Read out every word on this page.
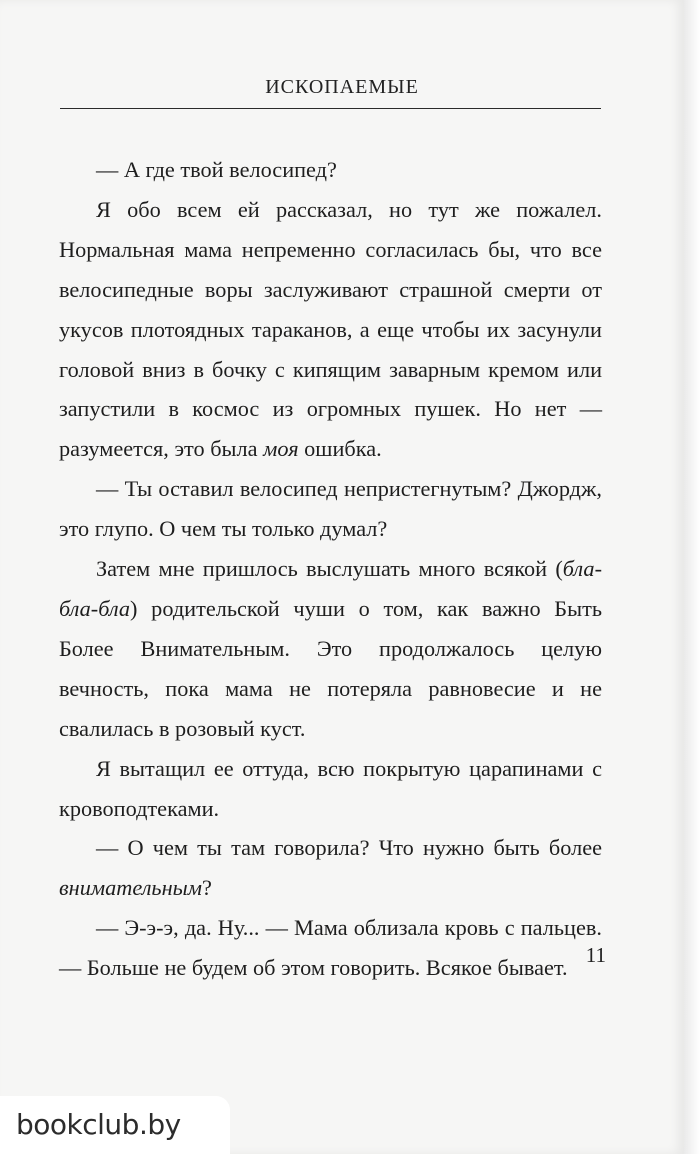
ИСКОПАЕМЫЕ

— А где твой велосипед?

Я обо всем ей рассказал, но тут же пожалел. Нормальная мама непременно согласилась бы, что все велосипедные воры заслуживают страшной смерти от укусов плотоядных тараканов, а еще чтобы их засунули головой вниз в бочку с кипящим заварным кремом или запустили в космос из огромных пушек. Но нет — разумеется, это была моя ошибка.

— Ты оставил велосипед непристегнутым? Джордж, это глупо. О чем ты только думал?

Затем мне пришлось выслушать много всякой (бла-бла-бла) родительской чуши о том, как важно Быть Более Внимательным. Это продолжалось целую вечность, пока мама не потеряла равновесие и не свалилась в розовый куст.

Я вытащил ее оттуда, всю покрытую царапинами с кровоподтеками.

— О чем ты там говорила? Что нужно быть более внимательным?

— Э-э-э, да. Ну... — Мама облизала кровь с пальцев. — Больше не будем об этом говорить. Всякое бывает.

11
bookclub.by
